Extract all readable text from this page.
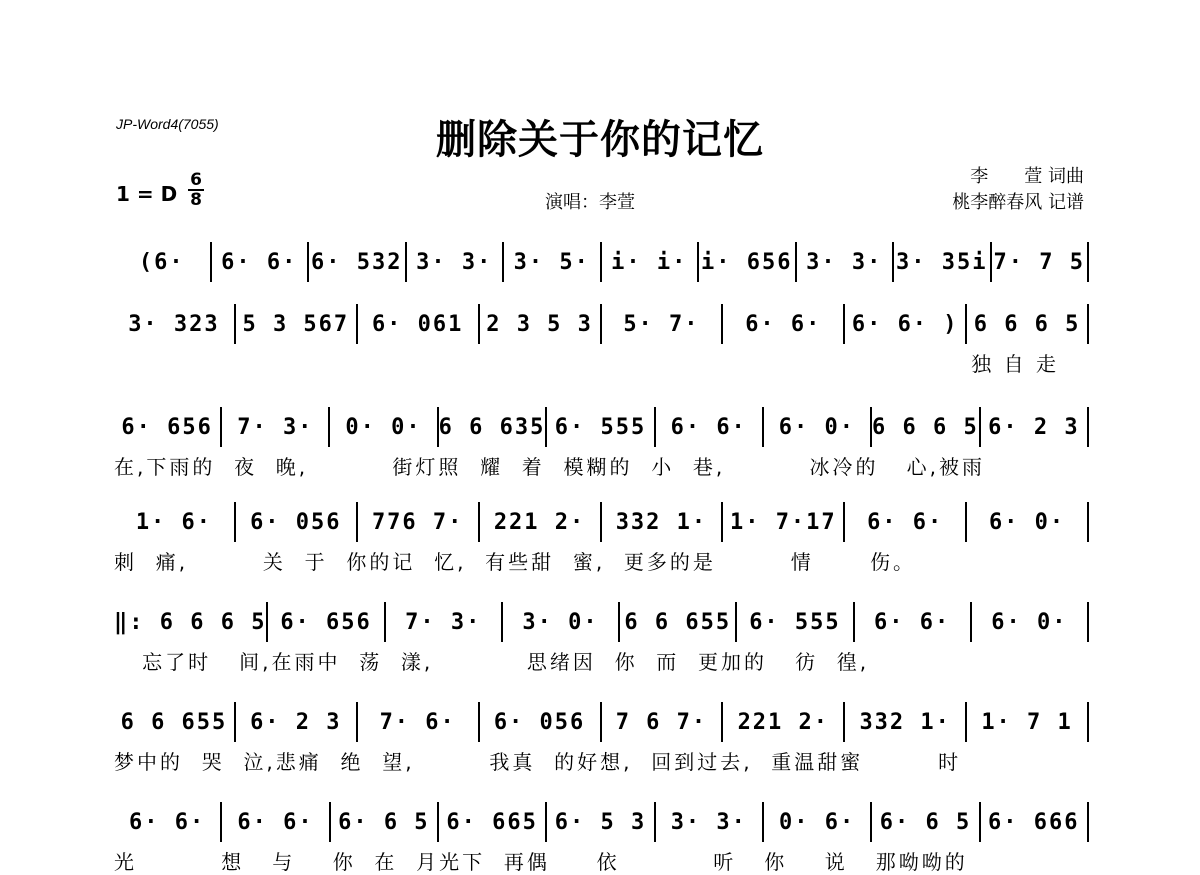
JP-Word4(7055)	删除关于你的记忆
1 = D
6
8	演唱：李萱
李　　萱 词曲
桃李醉春风 记谱
(6·	6· 6· 6· 532 3· 3· 3· 5· i· i· i· 656 3· 3· 3· 35i 7· 7 5
3· 323	5 3 567	6· 061	2 3 5 3	5· 7·	6· 6·	6· 6· ) 6 6 6 5
独 自 走
6· 656	7· 3·	0· 0· 6 6 635 6· 555	6· 6·	6· 0· 6 6 6 5 6· 2 3
在,下雨的  夜  晚,         街灯照  耀  着  模糊的  小  巷,         冰冷的   心,被雨
1· 6·	6· 056	776 7·	221 2·	332 1·	1· 7·17	6· 6·	6· 0·
刺  痛,        关  于  你的记  忆,  有些甜  蜜,  更多的是        情      伤。
‖: 6 6 6 5 6· 656	7· 3·	3· 0·	6 6 655 6· 555	6· 6·	6· 0·
忘了时   间,在雨中  荡  漾,          思绪因  你  而  更加的   彷  徨,
6 6 655	6· 2 3	7· 6·	6· 056	7 6 7·	221 2·	332 1·	1· 7 1
梦中的  哭  泣,悲痛  绝  望,        我真  的好想,  回到过去,  重温甜蜜        时
6· 6·	6· 6·	6· 6 5 6· 665 6· 5 3	3· 3·	0· 6·	6· 6 5 6· 666
光         想   与    你  在  月光下  再偶     依          听   你    说   那呦呦的
